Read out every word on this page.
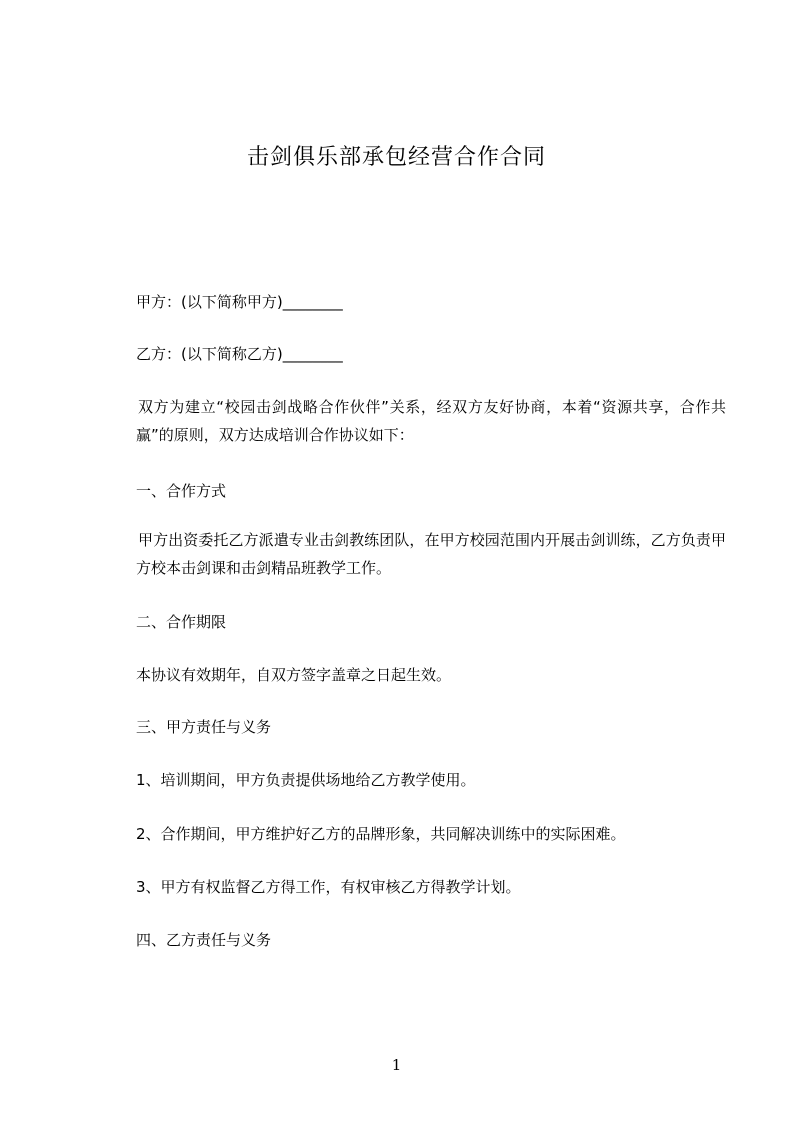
击剑俱乐部承包经营合作合同
甲方：(以下简称甲方)________
乙方：(以下简称乙方)________
双方为建立“校园击剑战略合作伙伴”关系，经双方友好协商，本着“资源共享，合作共赢”的原则，双方达成培训合作协议如下：
一、合作方式
甲方出资委托乙方派遣专业击剑教练团队，在甲方校园范围内开展击剑训练，乙方负责甲方校本击剑课和击剑精品班教学工作。
二、合作期限
本协议有效期年，自双方签字盖章之日起生效。
三、甲方责任与义务
1、培训期间，甲方负责提供场地给乙方教学使用。
2、合作期间，甲方维护好乙方的品牌形象，共同解决训练中的实际困难。
3、甲方有权监督乙方得工作，有权审核乙方得教学计划。
四、乙方责任与义务
1
